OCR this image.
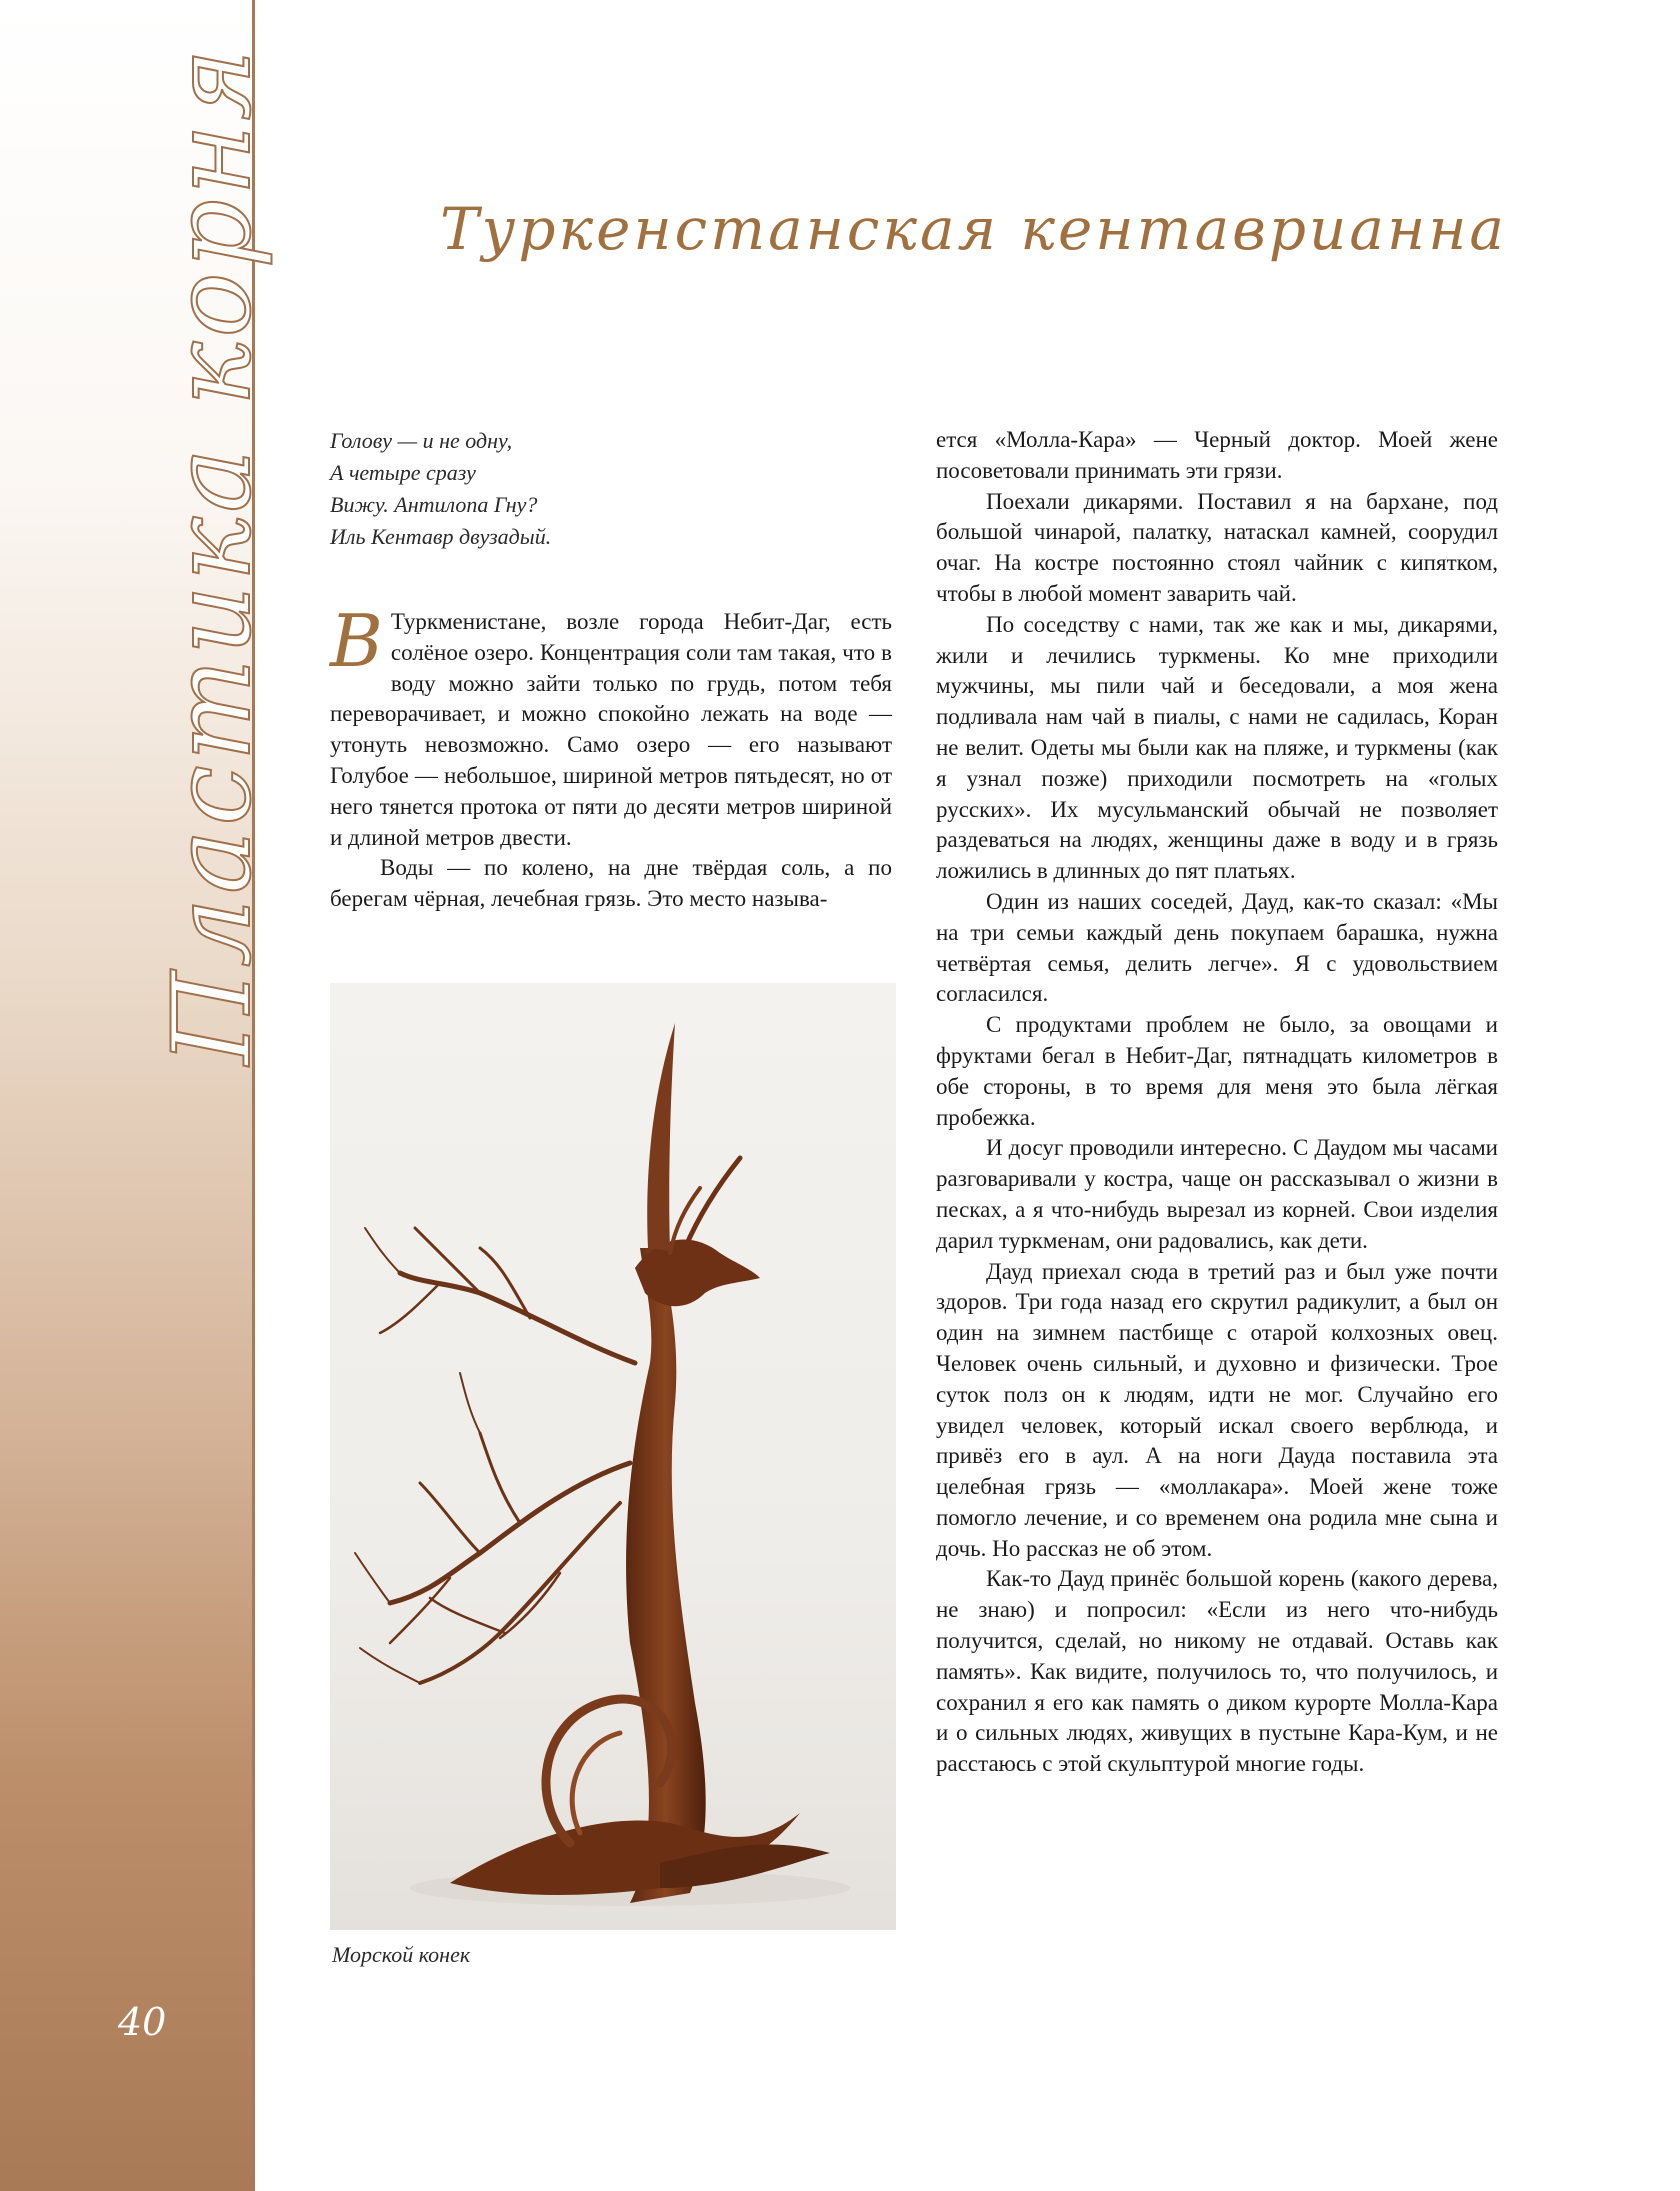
Пластика корня
40
Туркенстанская кентаврианна
Голову — и не одну,
А четыре сразу
Вижу. Антилопа Гну?
Иль Кентавр двузадый.
В Туркменистане, возле города Небит-Даг, есть солёное озеро. Концентрация соли там такая, что в воду можно зайти только по грудь, потом тебя переворачивает, и можно спокойно лежать на воде — утонуть невозможно. Само озеро — его называют Голубое — небольшое, шириной метров пятьдесят, но от него тянется протока от пяти до десяти метров шириной и длиной метров двести.

Воды — по колено, на дне твёрдая соль, а по берегам чёрная, лечебная грязь. Это место называ-

Морской конек

ется «Молла-Кара» — Черный доктор. Моей жене посоветовали принимать эти грязи.

Поехали дикарями. Поставил я на бархане, под большой чинарой, палатку, натаскал камней, соорудил очаг. На костре постоянно стоял чайник с кипятком, чтобы в любой момент заварить чай.

По соседству с нами, так же как и мы, дикарями, жили и лечились туркмены. Ко мне приходили мужчины, мы пили чай и беседовали, а моя жена подливала нам чай в пиалы, с нами не садилась, Коран не велит. Одеты мы были как на пляже, и туркмены (как я узнал позже) приходили посмотреть на «голых русских». Их мусульманский обычай не позволяет раздеваться на людях, женщины даже в воду и в грязь ложились в длинных до пят платьях.

Один из наших соседей, Дауд, как-то сказал: «Мы на три семьи каждый день покупаем барашка, нужна четвёртая семья, делить легче». Я с удовольствием согласился.

С продуктами проблем не было, за овощами и фруктами бегал в Небит-Даг, пятнадцать километров в обе стороны, в то время для меня это была лёгкая пробежка.

И досуг проводили интересно. С Даудом мы часами разговаривали у костра, чаще он рассказывал о жизни в песках, а я что-нибудь вырезал из корней. Свои изделия дарил туркменам, они радовались, как дети.

Дауд приехал сюда в третий раз и был уже почти здоров. Три года назад его скрутил радикулит, а был он один на зимнем пастбище с отарой колхозных овец. Человек очень сильный, и духовно и физически. Трое суток полз он к людям, идти не мог. Случайно его увидел человек, который искал своего верблюда, и привёз его в аул. А на ноги Дауда поставила эта целебная грязь — «моллакара». Моей жене тоже помогло лечение, и со временем она родила мне сына и дочь. Но рассказ не об этом.

Как-то Дауд принёс большой корень (какого дерева, не знаю) и попросил: «Если из него что-нибудь получится, сделай, но никому не отдавай. Оставь как память». Как видите, получилось то, что получилось, и сохранил я его как память о диком курорте Молла-Кара и о сильных людях, живущих в пустыне Кара-Кум, и не расстаюсь с этой скульптурой многие годы.
